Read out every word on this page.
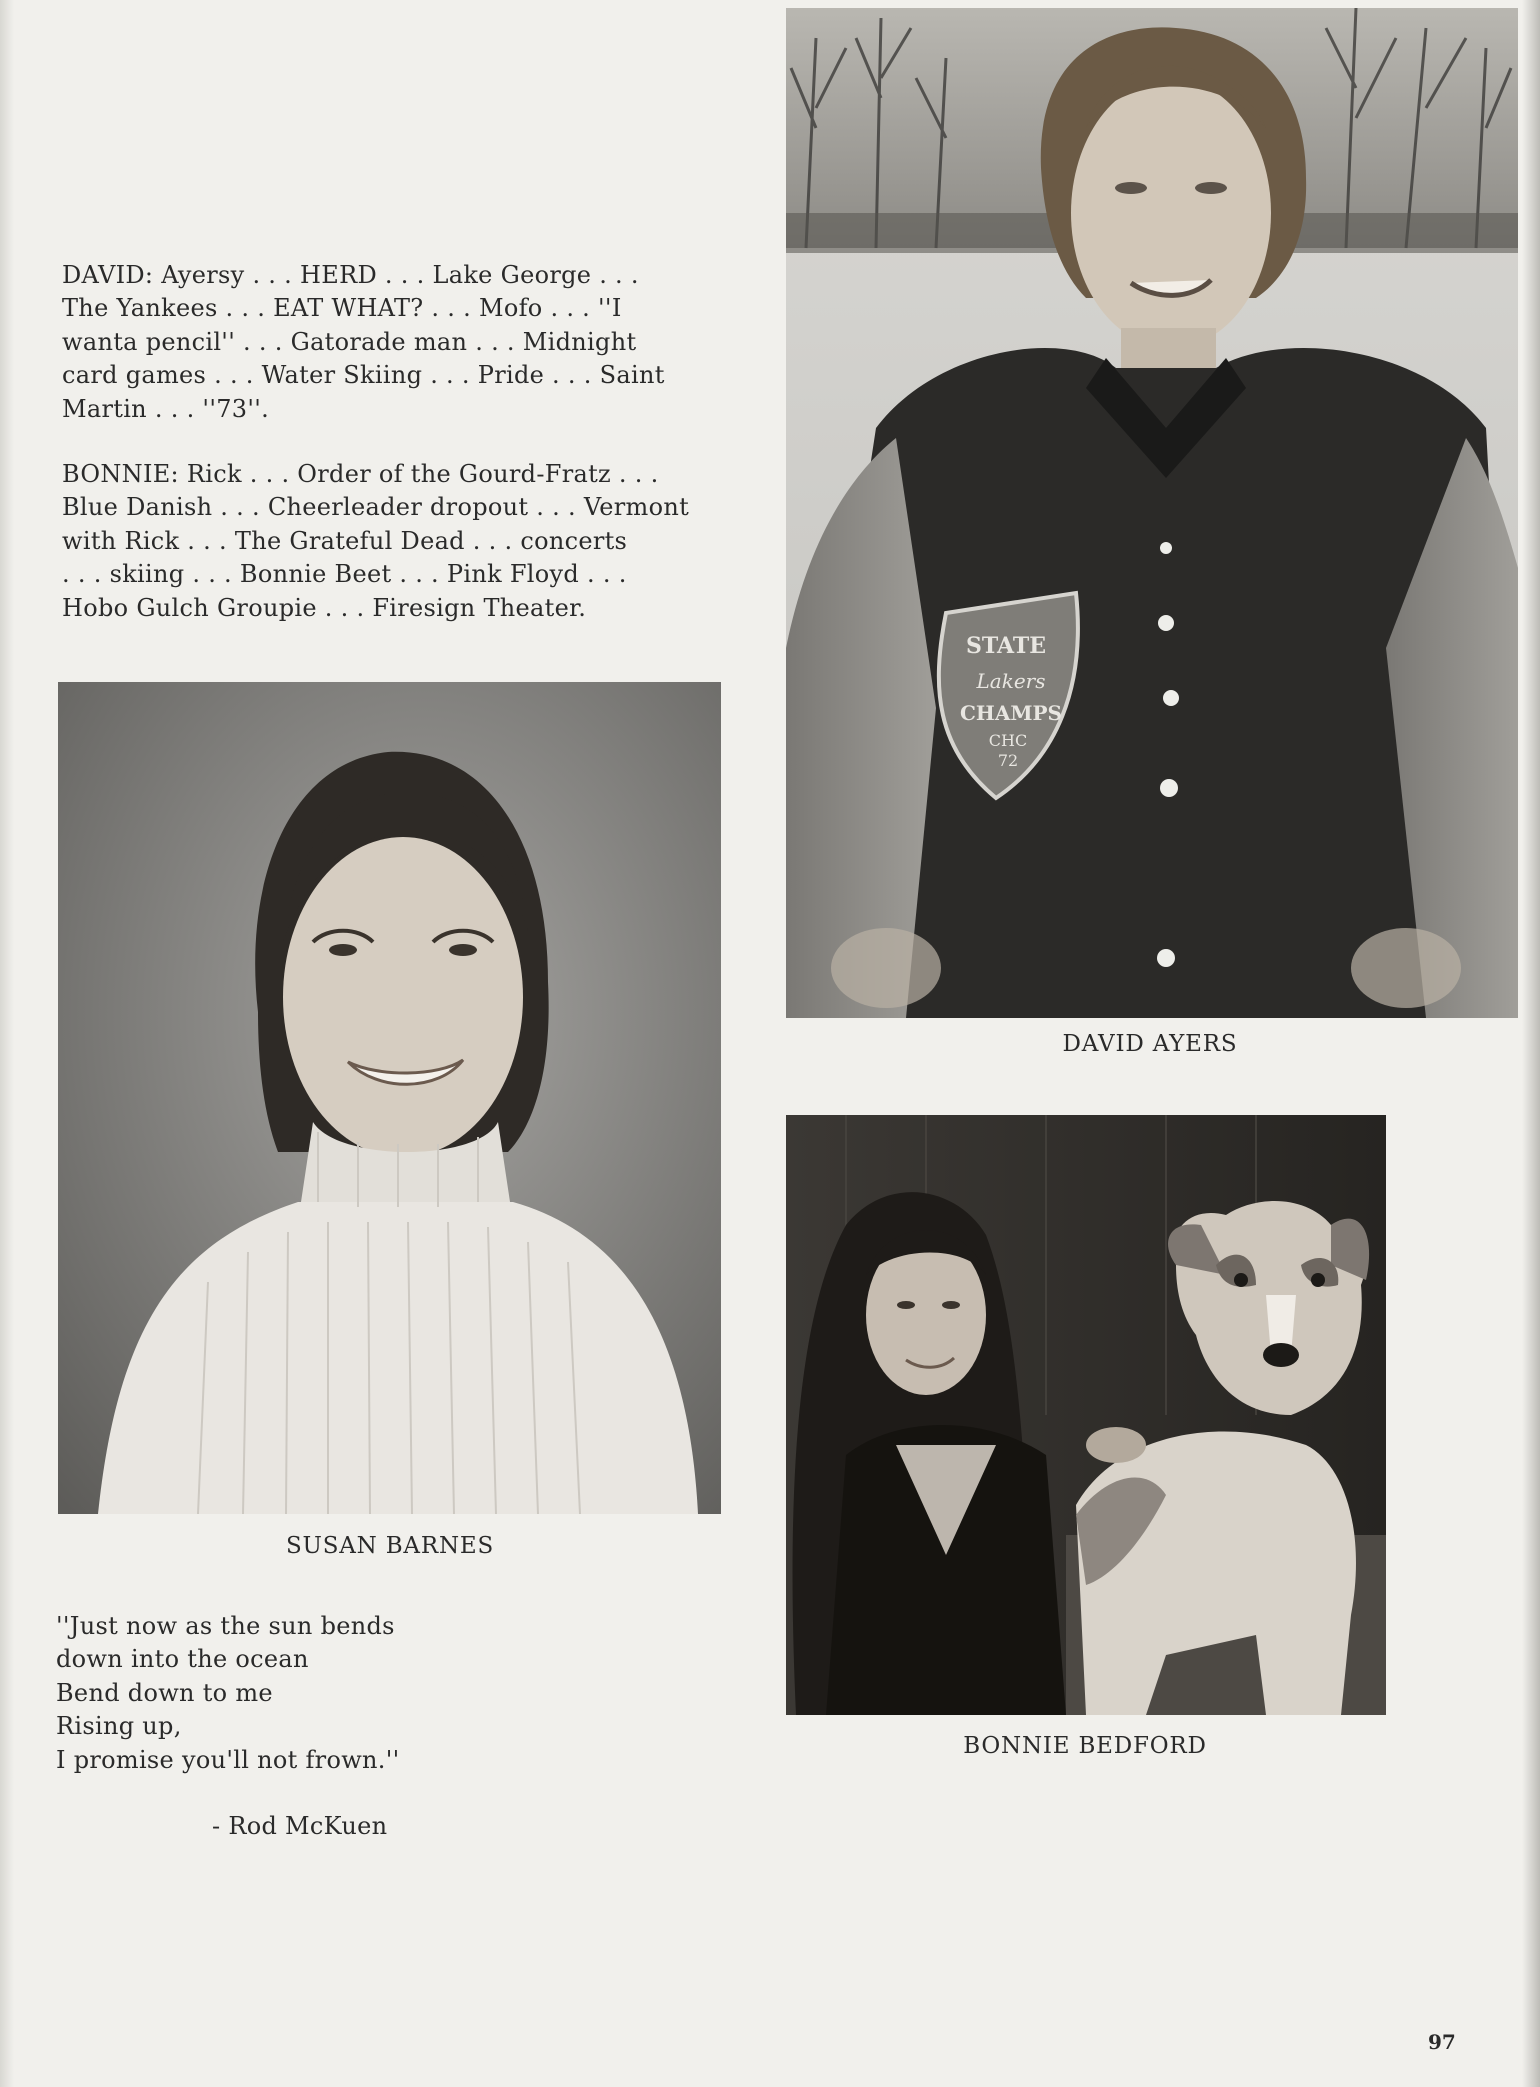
DAVID: Ayersy . . . HERD . . . Lake George . . .
The Yankees . . . EAT WHAT? . . . Mofo . . . ''I
wanta pencil'' . . . Gatorade man . . . Midnight
card games . . . Water Skiing . . . Pride . . . Saint
Martin . . . ''73''.
BONNIE: Rick . . . Order of the Gourd-Fratz . . .
Blue Danish . . . Cheerleader dropout . . . Vermont
with Rick . . . The Grateful Dead . . . concerts
. . . skiing . . . Bonnie Beet . . . Pink Floyd . . .
Hobo Gulch Groupie . . . Firesign Theater.
STATE
Lakers
CHAMPS
CHC
72
DAVID AYERS
SUSAN BARNES
BONNIE BEDFORD
''Just now as the sun bends
down into the ocean
Bend down to me
Rising up,
I promise you'll not frown.''
- Rod McKuen
97
